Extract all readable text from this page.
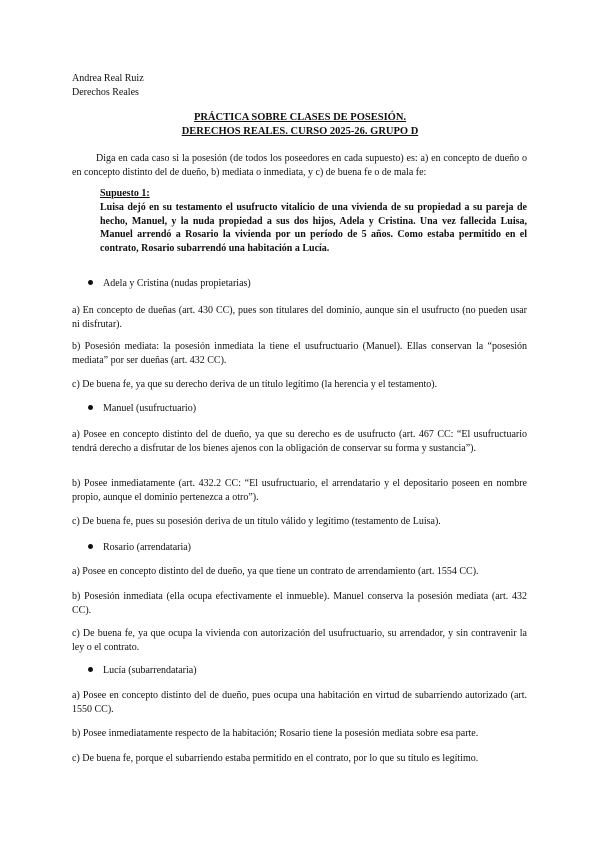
Andrea Real Ruiz
Derechos Reales
PRÁCTICA SOBRE CLASES DE POSESIÓN.
DERECHOS REALES. CURSO 2025-26. GRUPO D
Diga en cada caso si la posesión (de todos los poseedores en cada supuesto) es: a) en concepto de dueño o en concepto distinto del de dueño, b) mediata o inmediata, y c) de buena fe o de mala fe:
Supuesto 1:
Luisa dejó en su testamento el usufructo vitalicio de una vivienda de su propiedad a su pareja de hecho, Manuel, y la nuda propiedad a sus dos hijos, Adela y Cristina. Una vez fallecida Luisa, Manuel arrendó a Rosario la vivienda por un período de 5 años. Como estaba permitido en el contrato, Rosario subarrendó una habitación a Lucía.
Adela y Cristina (nudas propietarias)
a) En concepto de dueñas (art. 430 CC), pues son titulares del dominio, aunque sin el usufructo (no pueden usar ni disfrutar).
b) Posesión mediata: la posesión inmediata la tiene el usufructuario (Manuel). Ellas conservan la “posesión mediata” por ser dueñas (art. 432 CC).
c) De buena fe, ya que su derecho deriva de un título legítimo (la herencia y el testamento).
Manuel (usufructuario)
a) Posee en concepto distinto del de dueño, ya que su derecho es de usufructo (art. 467 CC: “El usufructuario tendrá derecho a disfrutar de los bienes ajenos con la obligación de conservar su forma y sustancia”).
b) Posee inmediatamente (art. 432.2 CC: “El usufructuario, el arrendatario y el depositario poseen en nombre propio, aunque el dominio pertenezca a otro”).
c) De buena fe, pues su posesión deriva de un título válido y legítimo (testamento de Luisa).
Rosario (arrendataria)
a) Posee en concepto distinto del de dueño, ya que tiene un contrato de arrendamiento (art. 1554 CC).
b) Posesión inmediata (ella ocupa efectivamente el inmueble). Manuel conserva la posesión mediata (art. 432 CC).
c) De buena fe, ya que ocupa la vivienda con autorización del usufructuario, su arrendador, y sin contravenir la ley o el contrato.
Lucía (subarrendataria)
a) Posee en concepto distinto del de dueño, pues ocupa una habitación en virtud de subarriendo autorizado (art. 1550 CC).
b) Posee inmediatamente respecto de la habitación; Rosario tiene la posesión mediata sobre esa parte.
c) De buena fe, porque el subarriendo estaba permitido en el contrato, por lo que su título es legítimo.
